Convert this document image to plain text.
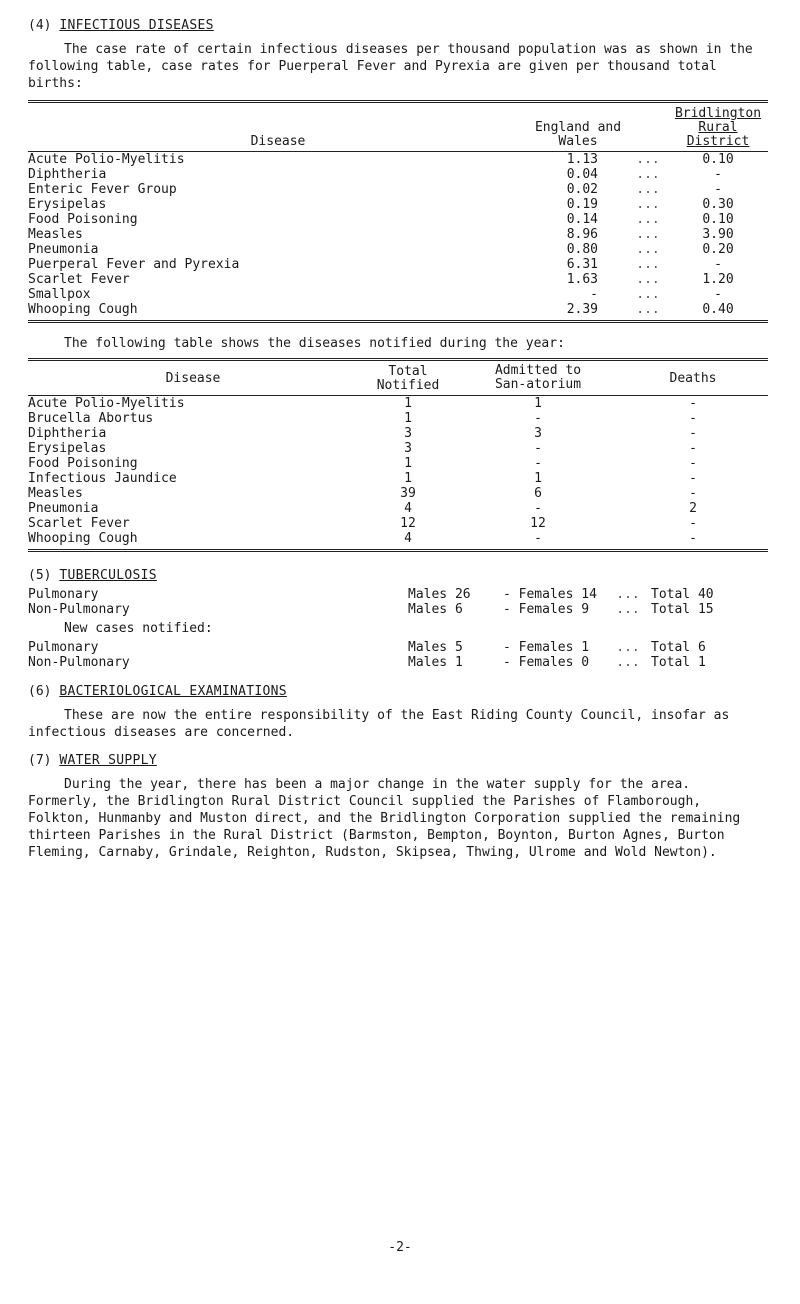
(4) INFECTIOUS DISEASES

The case rate of certain infectious diseases per thousand population was as shown in the following table, case rates for Puerperal Fever and Pyrexia are given per thousand total births:

Disease	England and Wales		Bridlington Rural District
Acute Polio-Myelitis	1.13	...	0.10
Diphtheria	0.04	...	-
Enteric Fever Group	0.02	...	-
Erysipelas	0.19	...	0.30
Food Poisoning	0.14	...	0.10
Measles	8.96	...	3.90
Pneumonia	0.80	...	0.20
Puerperal Fever and Pyrexia	6.31	...	-
Scarlet Fever	1.63	...	1.20
Smallpox	-	...	-
Whooping Cough	2.39	...	0.40

The following table shows the diseases notified during the year:

Disease	Total Notified	Admitted to San-atorium	Deaths
Acute Polio-Myelitis	1	1	-
Brucella Abortus	1	-	-
Diphtheria	3	3	-
Erysipelas	3	-	-
Food Poisoning	1	-	-
Infectious Jaundice	1	1	-
Measles	39	6	-
Pneumonia	4	-	2
Scarlet Fever	12	12	-
Whooping Cough	4	-	-
(5) TUBERCULOSIS
Pulmonary	Males 26	- Females 14	...	Total 40
Non-Pulmonary	Males 6	- Females 9	...	Total 15
New cases notified:
Pulmonary	Males 5	- Females 1	...	Total 6
Non-Pulmonary	Males 1	- Females 0	...	Total 1
(6) BACTERIOLOGICAL EXAMINATIONS

These are now the entire responsibility of the East Riding County Council, insofar as infectious diseases are concerned.

(7) WATER SUPPLY

During the year, there has been a major change in the water supply for the area. Formerly, the Bridlington Rural District Council supplied the Parishes of Flamborough, Folkton, Hunmanby and Muston direct, and the Bridlington Corporation supplied the remaining thirteen Parishes in the Rural District (Barmston, Bempton, Boynton, Burton Agnes, Burton Fleming, Carnaby, Grindale, Reighton, Rudston, Skipsea, Thwing, Ulrome and Wold Newton).

-2-
